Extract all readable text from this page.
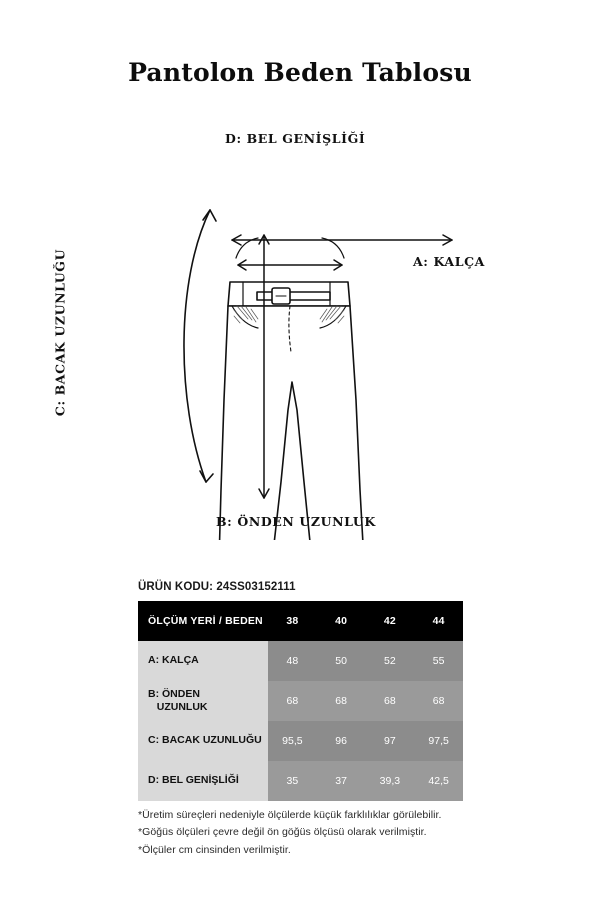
Pantolon Beden Tablosu
D: BEL GENİŞLİĞİ
A: KALÇA
C: BACAK UZUNLUĞU
B: ÖNDEN UZUNLUK
ÜRÜN KODU: 24SS03152111
ÖLÇÜM YERİ / BEDEN	38	40	42	44
A: KALÇA	48	50	52	55
B: ÖNDEN
UZUNLUK	68	68	68	68
C: BACAK UZUNLUĞU	95,5	96	97	97,5
D: BEL GENİŞLİĞİ	35	37	39,3	42,5
*Üretim süreçleri nedeniyle ölçülerde küçük farklılıklar görülebilir.
*Göğüs ölçüleri çevre değil ön göğüs ölçüsü olarak verilmiştir.
*Ölçüler cm cinsinden verilmiştir.
